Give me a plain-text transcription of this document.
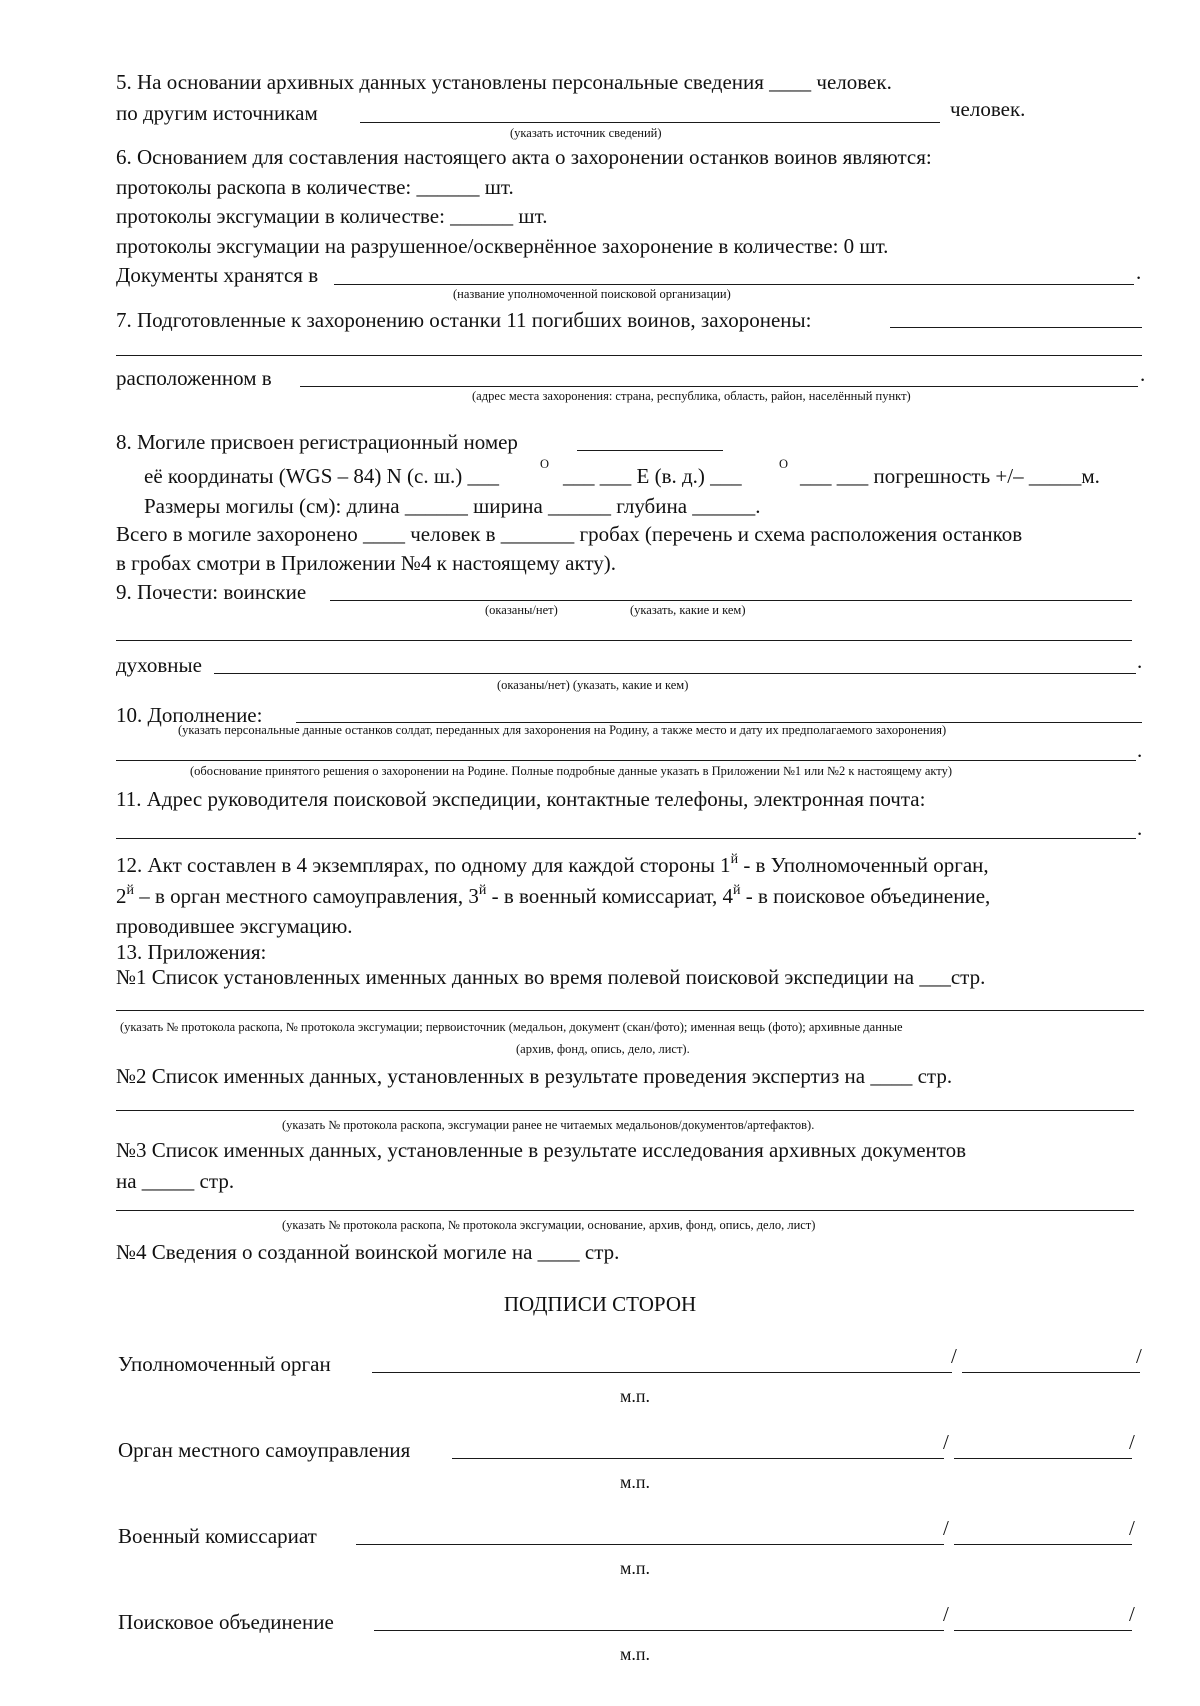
5. На основании архивных данных установлены персональные сведения ____ человек.
по другим источникам	человек.
(указать источник сведений)
6. Основанием для составления настоящего акта о захоронении останков воинов являются:
протоколы раскопа в количестве: ______ шт.
протоколы эксгумации в количестве: ______ шт.
протоколы эксгумации на разрушенное/осквернённое захоронение в количестве: 0 шт.
Документы хранятся в	.
(название уполномоченной поисковой организации)
7. Подготовленные к захоронению останки 11 погибших воинов, захоронены:
расположенном в	.
(адрес места захоронения: страна, республика, область, район, населённый пункт)
8. Могиле присвоен регистрационный номер
её координаты (WGS – 84) N (с. ш.) ___	О ___ ___ E (в. д.) ___	О ___ ___ погрешность +/– _____м.
Размеры могилы (см): длина ______ ширина ______ глубина ______.
Всего в могиле захоронено ____ человек в _______ гробах (перечень и схема расположения останков
в гробах смотри в Приложении №4 к настоящему акту).
9. Почести: воинские
(оказаны/нет)	(указать, какие и кем)
духовные	.
(оказаны/нет) (указать, какие и кем)
10. Дополнение:
(указать персональные данные останков солдат, переданных для захоронения на Родину, а также место и дату их предполагаемого захоронения)
.
(обоснование принятого решения о захоронении на Родине. Полные подробные данные указать в Приложении №1 или №2 к настоящему акту)
11. Адрес руководителя поисковой экспедиции, контактные телефоны, электронная почта:
.
12. Акт составлен в 4 экземплярах, по одному для каждой стороны $1^й$ - в Уполномоченный орган,
$2^й$ – в орган местного самоуправления, $3^й$ - в военный комиссариат, $4^й$ - в поисковое объединение,
проводившее эксгумацию.
13. Приложения:
№1 Список установленных именных данных во время полевой поисковой экспедиции на ___стр.
(указать № протокола раскопа, № протокола эксгумации; первоисточник (медальон, документ (скан/фото); именная вещь (фото); архивные данные
(архив, фонд, опись, дело, лист).
№2 Список именных данных, установленных в результате проведения экспертиз на ____ стр.
(указать № протокола раскопа, эксгумации ранее не читаемых медальонов/документов/артефактов).
№3 Список именных данных, установленные в результате исследования архивных документов
на _____ стр.
(указать № протокола раскопа, № протокола эксгумации, основание, архив, фонд, опись, дело, лист)
№4 Сведения о созданной воинской могиле на ____ стр.
ПОДПИСИ СТОРОН
Уполномоченный орган	/	/
м.п.
Орган местного самоуправления	/	/
м.п.
Военный комиссариат	/	/
м.п.
Поисковое объединение	/	/
м.п.
